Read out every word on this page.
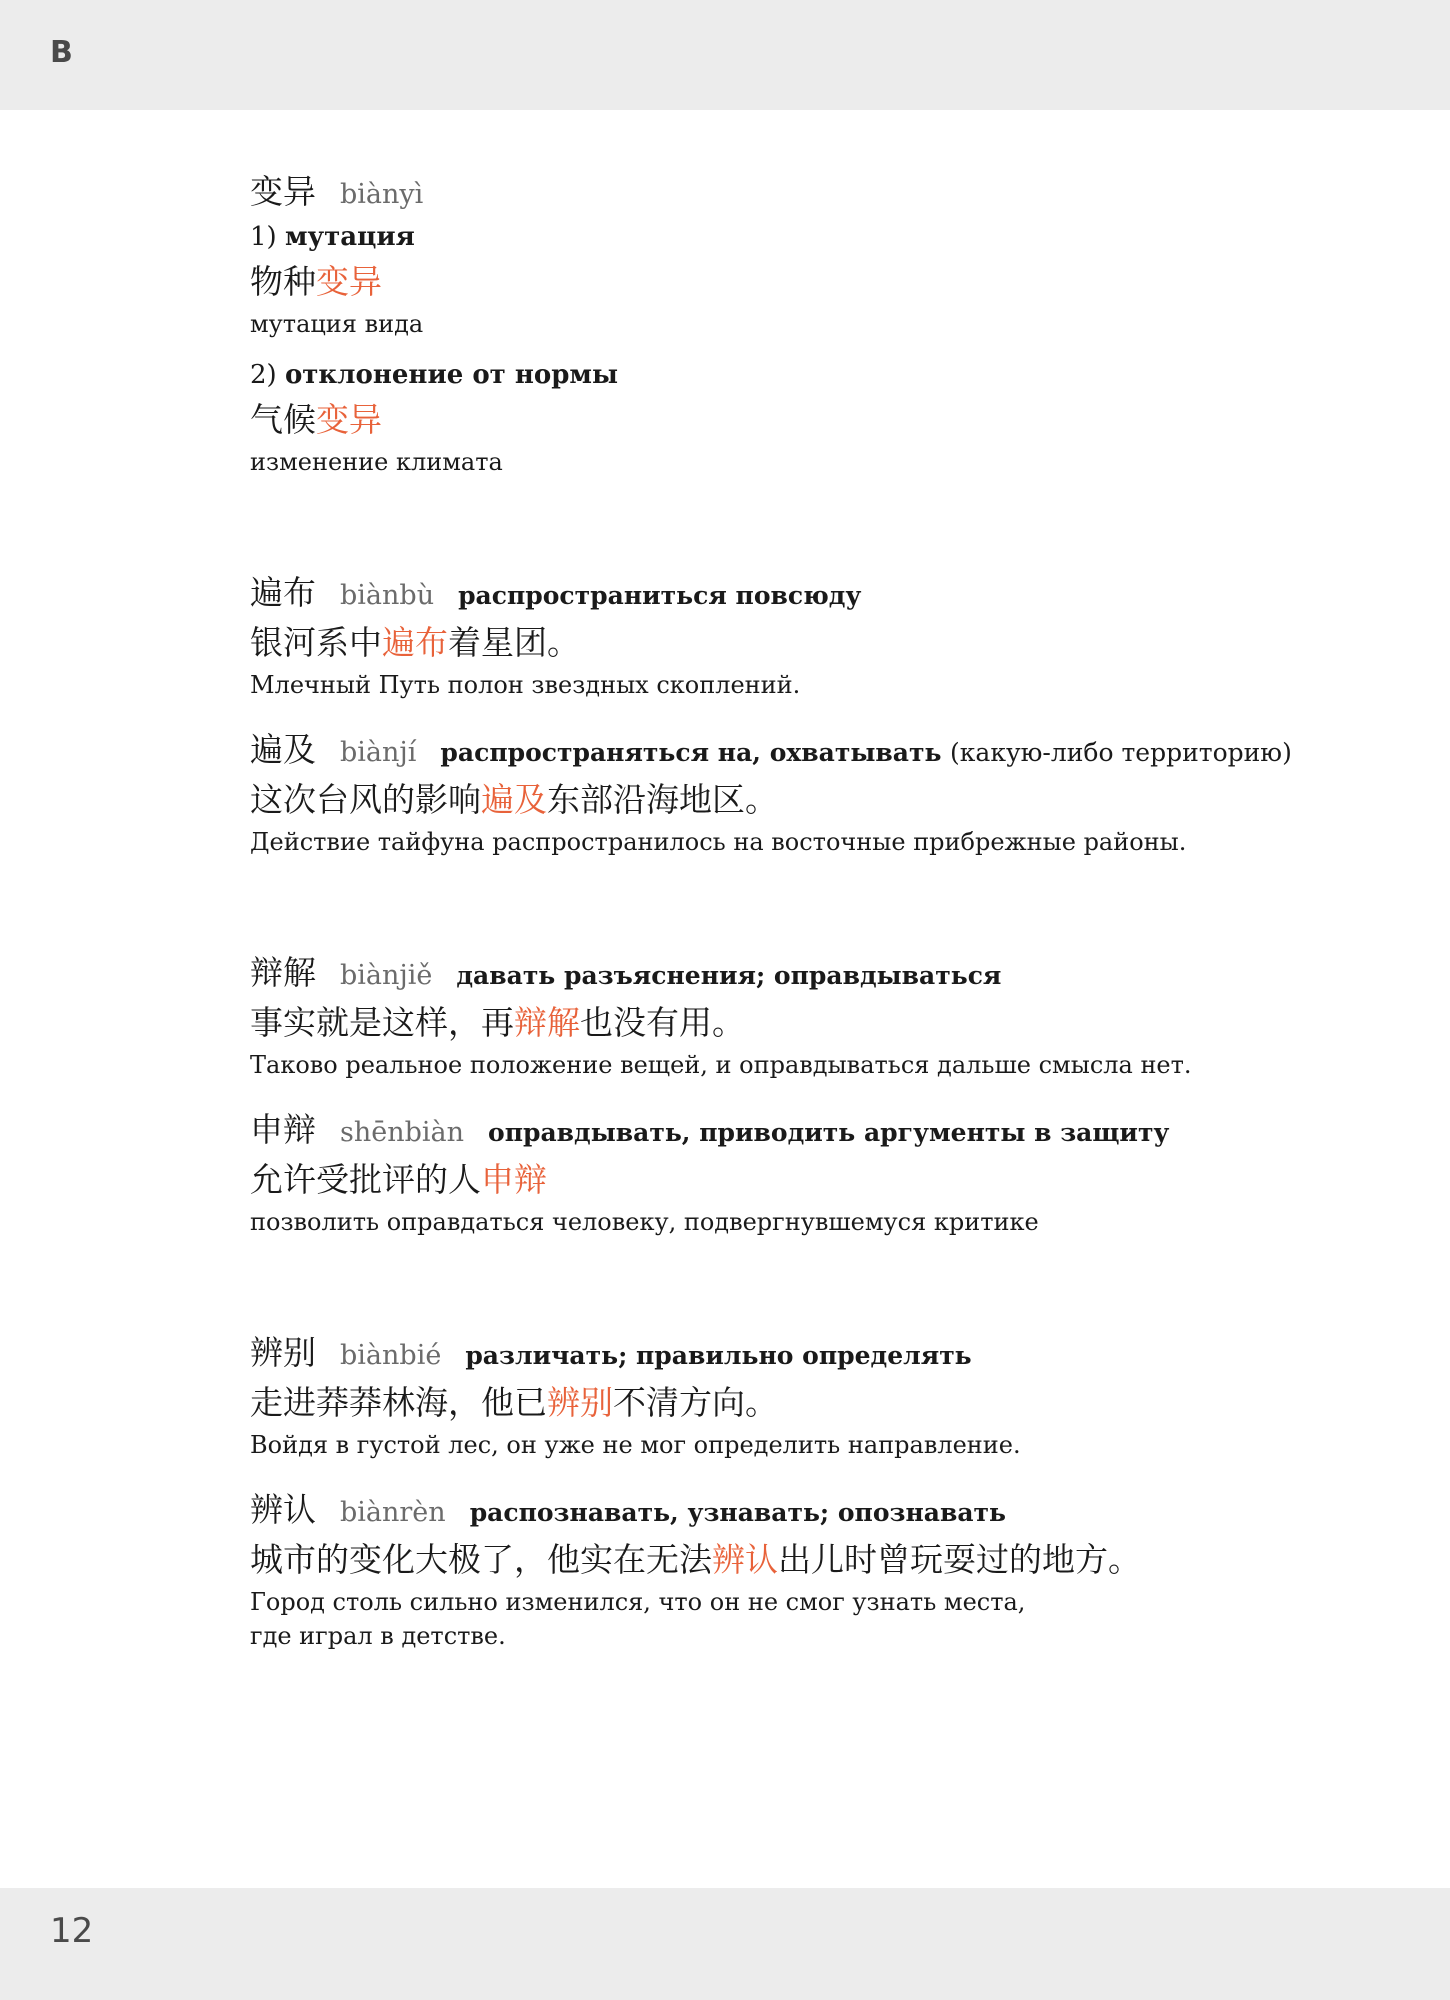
B
变异 biànyì
1) мутация
物种变异
мутация вида
2) отклонение от нормы
气候变异
изменение климата
遍布 biànbù распространиться повсюду
银河系中遍布着星团。
Млечный Путь полон звездных скоплений.
遍及 biànjí распространяться на, охватывать (какую-либо территорию)
这次台风的影响遍及东部沿海地区。
Действие тайфуна распространилось на восточные прибрежные районы.
辩解 biànjiě давать разъяснения; оправдываться
事实就是这样，再辩解也没有用。
Таково реальное положение вещей, и оправдываться дальше смысла нет.
申辩 shēnbiàn оправдывать, приводить аргументы в защиту
允许受批评的人申辩
позволить оправдаться человеку, подвергнувшемуся критике
辨别 biànbié различать; правильно определять
走进莽莽林海，他已辨别不清方向。
Войдя в густой лес, он уже не мог определить направление.
辨认 biànrèn распознавать, узнавать; опознавать
城市的变化大极了，他实在无法辨认出儿时曾玩耍过的地方。
Город столь сильно изменился, что он не смог узнать места,
где играл в детстве.
12
